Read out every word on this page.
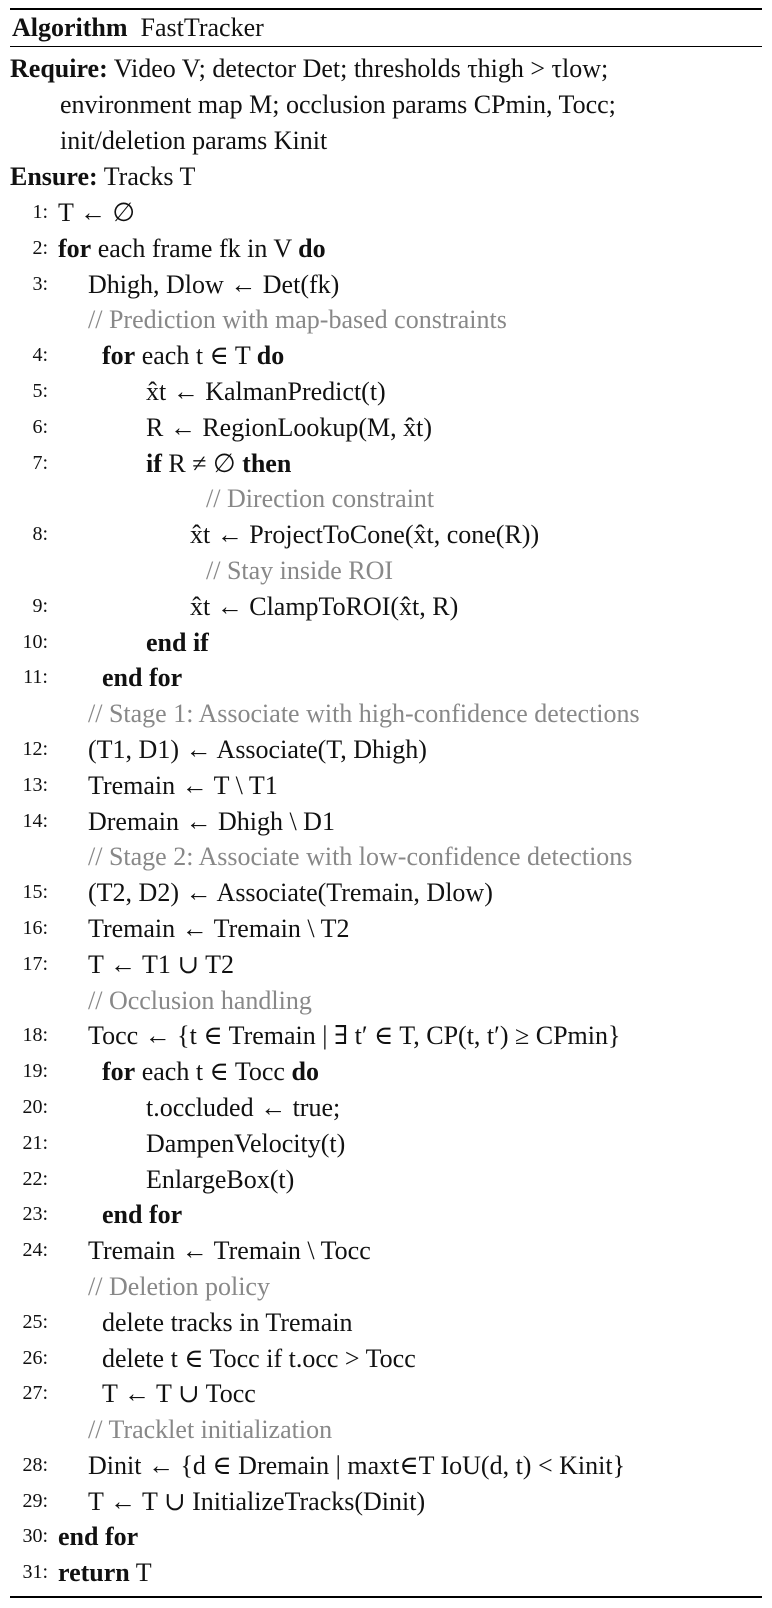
Algorithm FastTracker
Require: Video V; detector Det; thresholds τhigh > τlow;
environment map M; occlusion params CPmin, Tocc;
init/deletion params Kinit
Ensure: Tracks T
1: T ← ∅
2: for each frame fk in V do
3: Dhigh, Dlow ← Det(fk)
// Prediction with map-based constraints
4: for each t ∈ T do
5:	x̂t ← KalmanPredict(t)
6:	R ← RegionLookup(M, x̂t)
7:	if R ≠ ∅ then
// Direction constraint
8:	x̂t ← ProjectToCone(x̂t, cone(R))
// Stay inside ROI
9:	x̂t ← ClampToROI(x̂t, R)
10:	end if
11: end for
// Stage 1: Associate with high-confidence detections
12: (T1, D1) ← Associate(T, Dhigh)
13: Tremain ← T \ T1
14: Dremain ← Dhigh \ D1
// Stage 2: Associate with low-confidence detections
15: (T2, D2) ← Associate(Tremain, Dlow)
16: Tremain ← Tremain \ T2
17: T ← T1 ∪ T2
// Occlusion handling
18: Tocc ← {t ∈ Tremain | ∃ t′ ∈ T, CP(t, t′) ≥ CPmin}
19: for each t ∈ Tocc do
20:	t.occluded ← true;
21:	DampenVelocity(t)
22:	EnlargeBox(t)
23: end for
24: Tremain ← Tremain \ Tocc
// Deletion policy
25: delete tracks in Tremain
26: delete t ∈ Tocc if t.occ > Tocc
27: T ← T ∪ Tocc
// Tracklet initialization
28: Dinit ← {d ∈ Dremain | maxt∈T IoU(d, t) < Kinit}
29: T ← T ∪ InitializeTracks(Dinit)
30: end for
31: return T
